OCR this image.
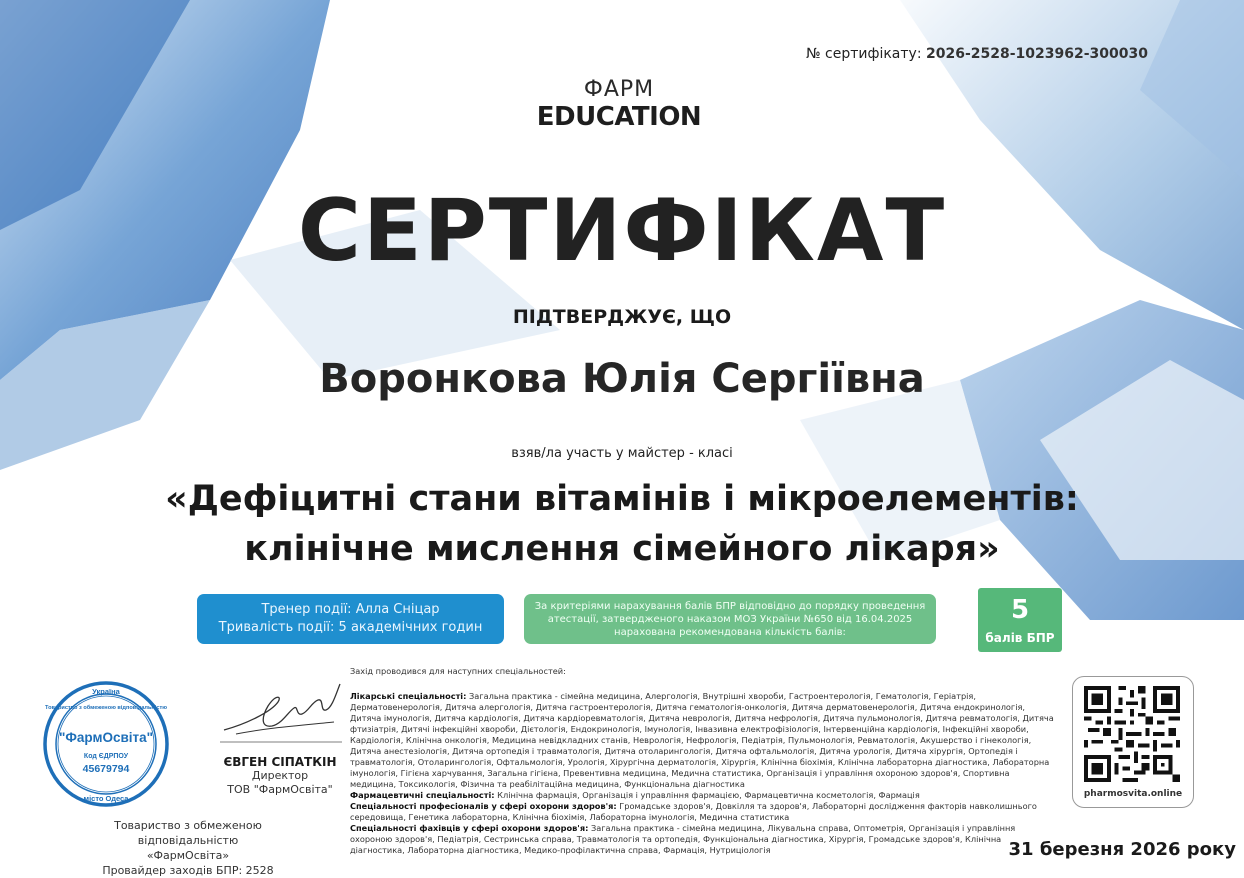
№ сертифікату: 2026-2528-1023962-300030
ФАРМ
EDUCATION
СЕРТИФІКАТ
ПІДТВЕРДЖУЄ, ЩО
Воронкова Юлія Сергіївна
взяв/ла участь у майстер - класі
«Дефіцитні стани вітамінів і мікроелементів:
клінічне мислення сімейного лікаря»
Тренер події: Алла Сніцар
Тривалість події: 5 академічних годин
За критеріями нарахування балів БПР відповідно до порядку проведення
атестації, затвердженого наказом МОЗ України №650 від 16.04.2025
нарахована рекомендована кількість балів:
5
балів БПР
Україна
Товариство з обмеженою відповідальністю
"ФармОсвіта"
Код ЄДРПОУ
45679794
місто Одеса
Товариство з обмеженою відповідальністю
«ФармОсвіта»
Провайдер заходів БПР: 2528
ЄВГЕН СІПАТКІН
Директор
ТОВ "ФармОсвіта"

Захід проводився для наступних спеціальностей:

Лікарські спеціальності: Загальна практика - сімейна медицина, Алергологія, Внутрішні хвороби, Гастроентерологія, Гематологія, Геріатрія, Дерматовенерологія, Дитяча алергологія, Дитяча гастроентерологія, Дитяча гематологія-онкологія, Дитяча дерматовенерологія, Дитяча ендокринологія, Дитяча імунологія, Дитяча кардіологія, Дитяча кардіоревматологія, Дитяча неврологія, Дитяча нефрологія, Дитяча пульмонологія, Дитяча ревматологія, Дитяча фтизіатрія, Дитячі інфекційні хвороби, Дієтологія, Ендокринологія, Імунологія, Інвазивна електрофізіологія, Інтервенційна кардіологія, Інфекційні хвороби, Кардіологія, Клінічна онкологія, Медицина невідкладних станів, Неврологія, Нефрологія, Педіатрія, Пульмонологія, Ревматологія, Акушерство і гінекологія, Дитяча анестезіологія, Дитяча ортопедія і травматологія, Дитяча отоларингологія, Дитяча офтальмологія, Дитяча урологія, Дитяча хірургія, Ортопедія і травматологія, Отоларингологія, Офтальмологія, Урологія, Хірургічна дерматологія, Хірургія, Клінічна біохімія, Клінічна лабораторна діагностика, Лабораторна імунологія, Гігієна харчування, Загальна гігієна, Превентивна медицина, Медична статистика, Організація і управління охороною здоров'я, Спортивна медицина, Токсикологія, Фізична та реабілітаційна медицина, Функціональна діагностика

Фармацевтичні спеціальності: Клінічна фармація, Організація і управління фармацією, Фармацевтична косметологія, Фармація

Спеціальності професіоналів у сфері охорони здоров'я: Громадське здоров'я, Довкілля та здоров'я, Лабораторні дослідження факторів навколишнього середовища, Генетика лабораторна, Клінічна біохімія, Лабораторна імунологія, Медична статистика

Спеціальності фахівців у сфері охорони здоров'я: Загальна практика - сімейна медицина, Лікувальна справа, Оптометрія, Організація і управління охороною здоров'я, Педіатрія, Сестринська справа, Травматологія та ортопедія, Функціональна діагностика, Хірургія, Громадське здоров'я, Клінічна діагностика, Лабораторна діагностика, Медико-профілактична справа, Фармація, Нутриціологія

pharmosvita.online
31 березня 2026 року
